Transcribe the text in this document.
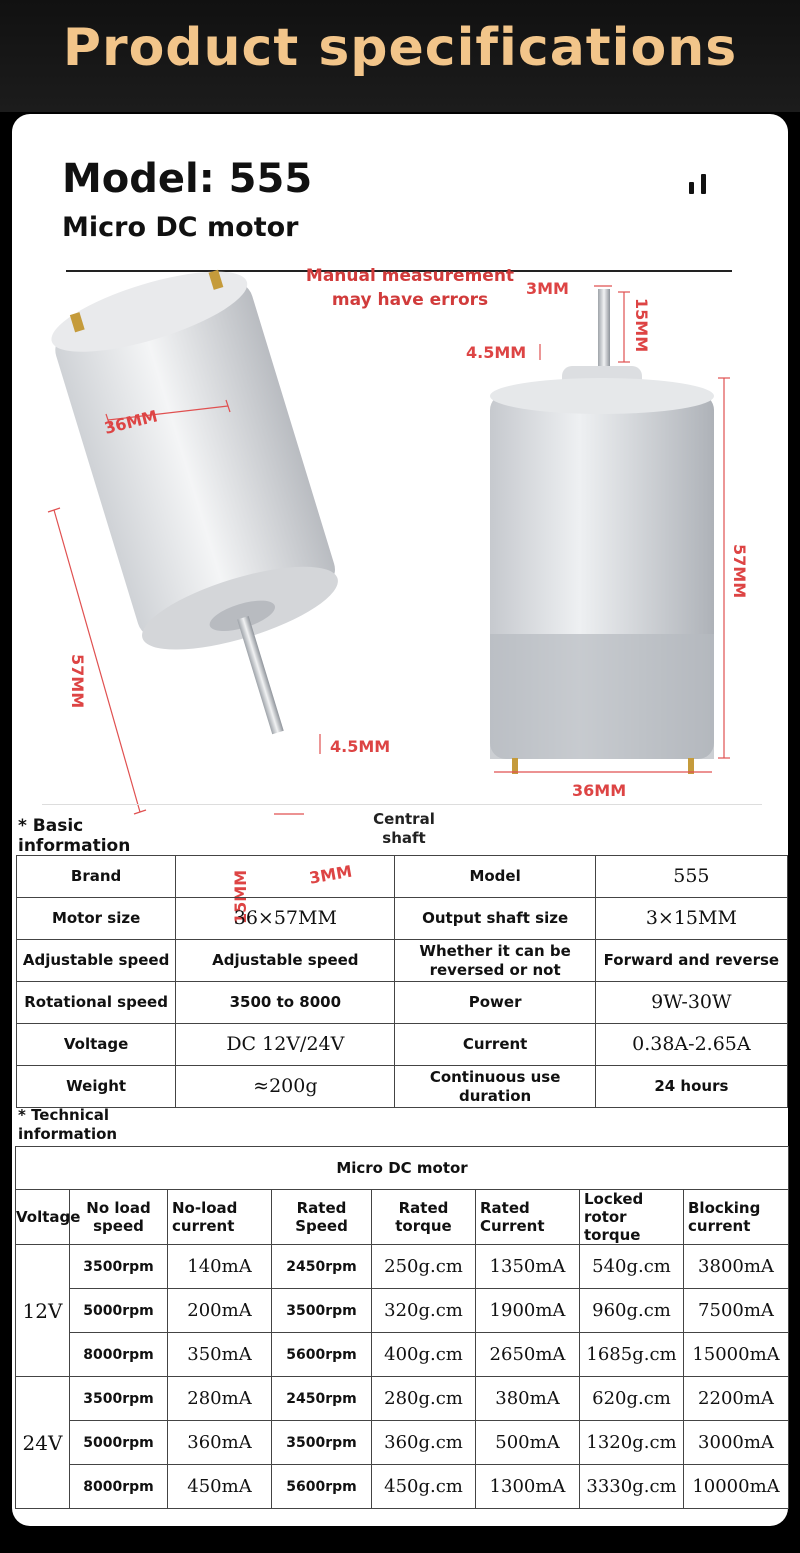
Product specifications

Model: 555

Micro DC motor

36MM
57MM
4.5MM
15MM	3MM
3MM
15MM
4.5MM
57MM
36MM
Manual measurement
may have errors
* Basic
information
Central
shaft
Brand		Model	555
Motor size	36×57MM	Output shaft size	3×15MM
Adjustable speed	Adjustable speed	Whether it can be reversed or not	Forward and reverse
Rotational speed	3500 to 8000	Power	9W-30W
Voltage	DC 12V/24V	Current	0.38A-2.65A
Weight	≈200g	Continuous use duration	24 hours
* Technical
information
Micro DC motor							
Voltage	No load speed	No-load current	Rated Speed	Rated torque	Rated Current	Locked rotor torque	Blocking current
12V	3500rpm	140mA	2450rpm	250g.cm	1350mA	540g.cm	3800mA
	5000rpm	200mA	3500rpm	320g.cm	1900mA	960g.cm	7500mA
	8000rpm	350mA	5600rpm	400g.cm	2650mA	1685g.cm	15000mA
24V	3500rpm	280mA	2450rpm	280g.cm	380mA	620g.cm	2200mA
	5000rpm	360mA	3500rpm	360g.cm	500mA	1320g.cm	3000mA
	8000rpm	450mA	5600rpm	450g.cm	1300mA	3330g.cm	10000mA
